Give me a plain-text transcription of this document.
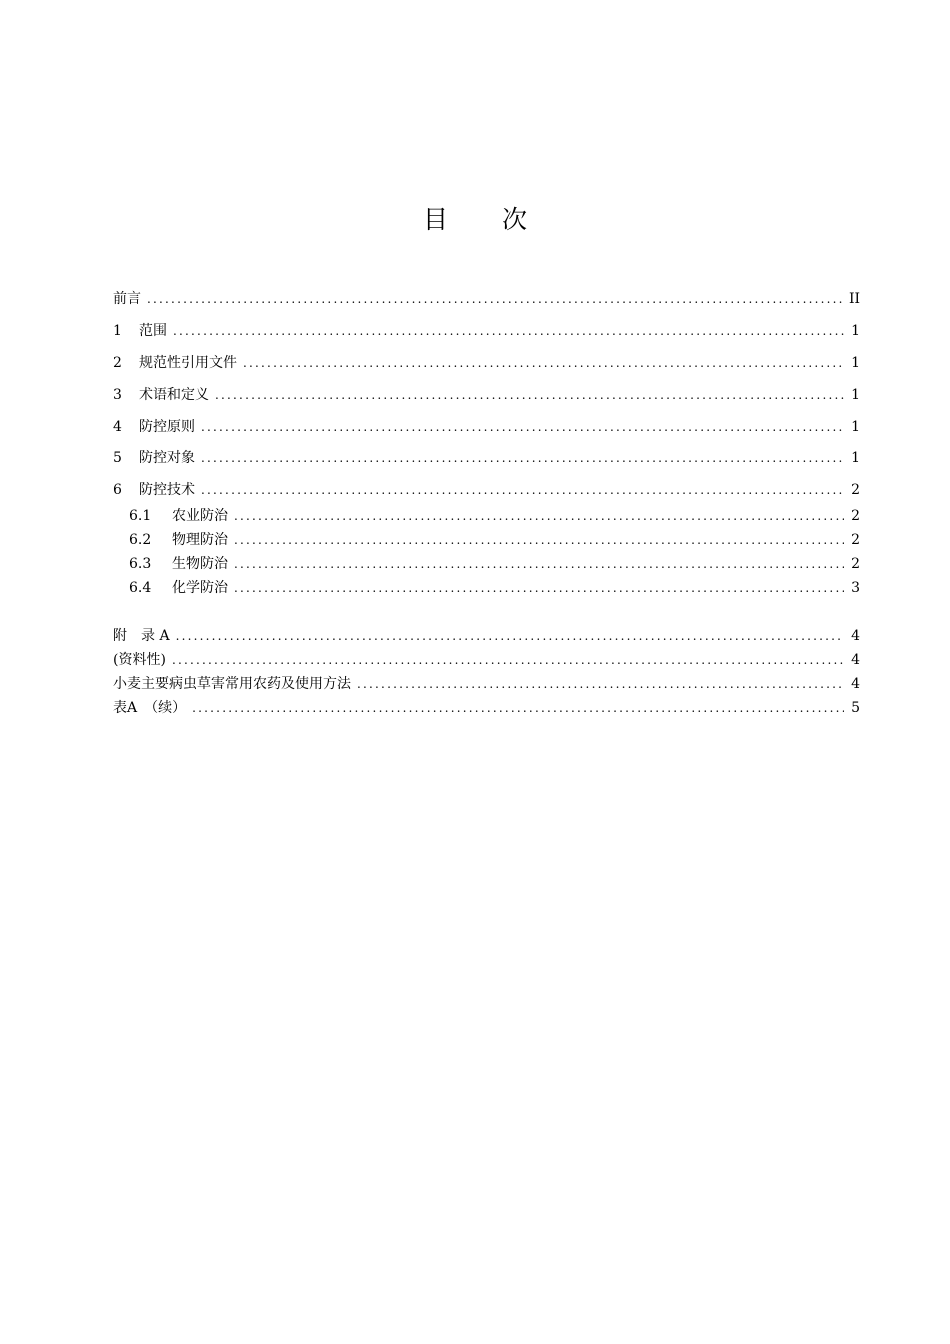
目 次
前言 .....	II
1	范围 .....	1
2	规范性引用文件 .....	1
3	术语和定义 .....	1
4	防控原则 .....	1
5	防控对象 .....	1
6	防控技术 .....	2
6.1	农业防治 .....	2
6.2	物理防治 .....	2
6.3	生物防治 .....	2
6.4	化学防治 .....	3
附　录 A .....	4
(资料性) .....	4
小麦主要病虫草害常用农药及使用方法 .....	4
表A　（续） .....	5
